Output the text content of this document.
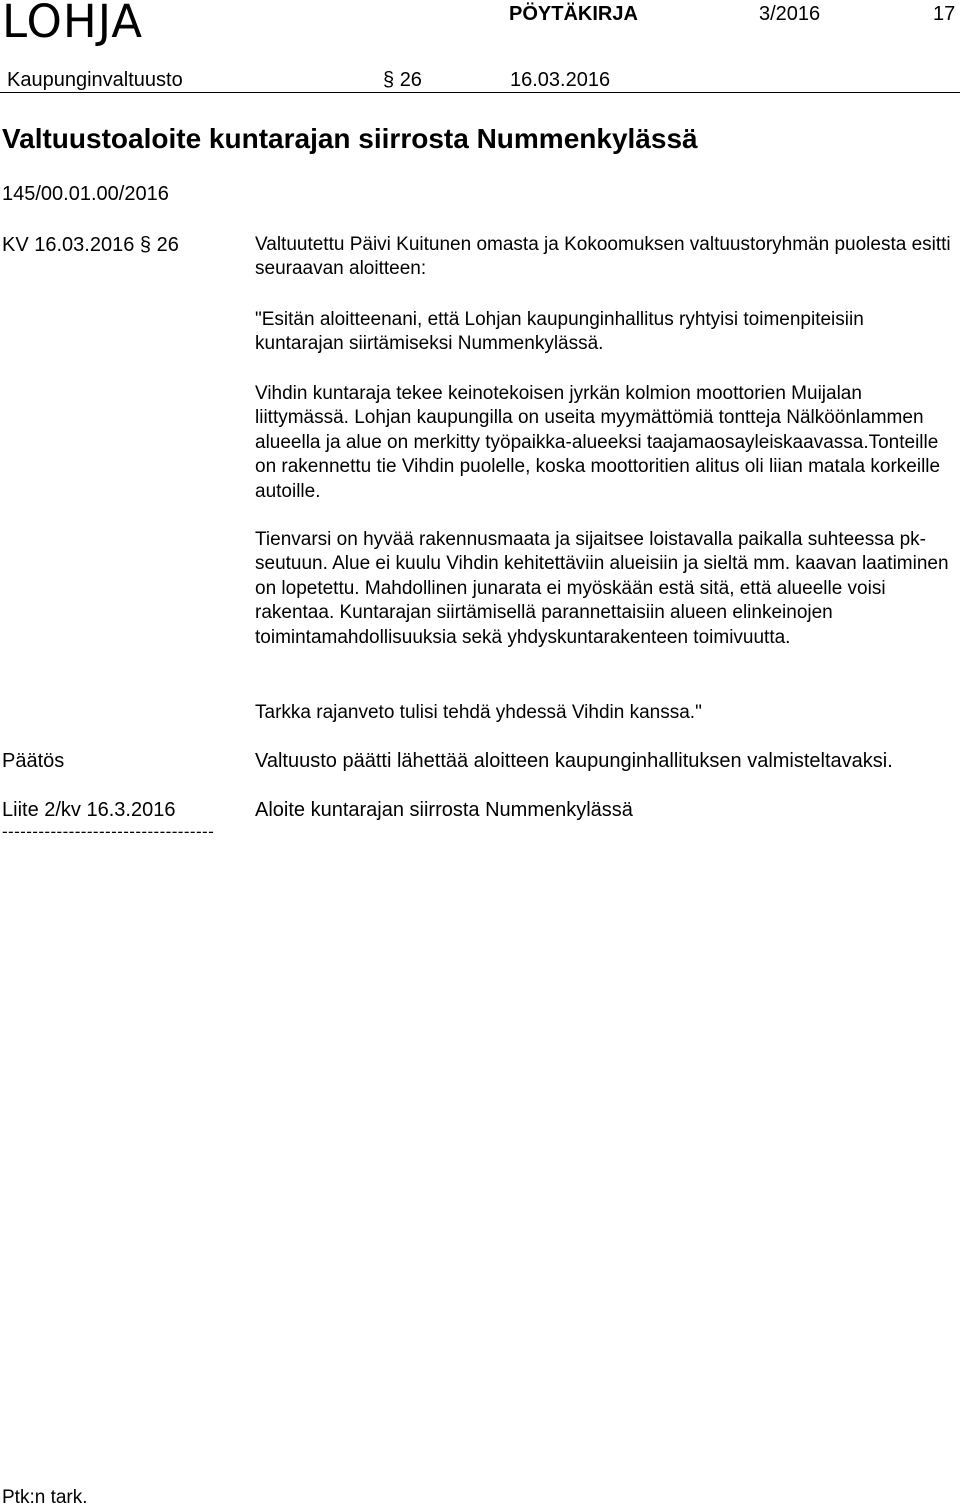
LOHJA	PÖYTÄKIRJA	3/2016	17
Kaupunginvaltuusto	§ 26	16.03.2016
Valtuustoaloite kuntarajan siirrosta Nummenkylässä
145/00.01.00/2016
KV 16.03.2016 § 26	Valtuutettu Päivi Kuitunen omasta ja Kokoomuksen valtuustoryhmän puolesta esitti seuraavan aloitteen:

"Esitän aloitteenani, että Lohjan kaupunginhallitus ryhtyisi toimenpiteisiin kuntarajan siirtämiseksi Nummenkylässä.

Vihdin kuntaraja tekee keinotekoisen jyrkän kolmion moottorien Muijalan liittymässä. Lohjan kaupungilla on useita myymättömiä tontteja Nälköönlammen alueella ja alue on merkitty työpaikka-alueeksi taajamaosayleiskaavassa.Tonteille on rakennettu tie Vihdin puolelle, koska moottoritien alitus oli liian matala korkeille autoille.

Tienvarsi on hyvää rakennusmaata ja sijaitsee loistavalla paikalla suhteessa pk-seutuun. Alue ei kuulu Vihdin kehitettäviin alueisiin ja sieltä mm. kaavan laatiminen on lopetettu. Mahdollinen junarata ei myöskään estä sitä, että alueelle voisi rakentaa. Kuntarajan siirtämisellä parannettaisiin alueen elinkeinojen toimintamahdollisuuksia sekä yhdyskuntarakenteen toimivuutta.

Tarkka rajanveto tulisi tehdä yhdessä Vihdin kanssa."

Päätös	Valtuusto päätti lähettää aloitteen kaupunginhallituksen valmisteltavaksi.
Liite 2/kv 16.3.2016	Aloite kuntarajan siirrosta Nummenkylässä
-----------------------------------
Ptk:n tark.
